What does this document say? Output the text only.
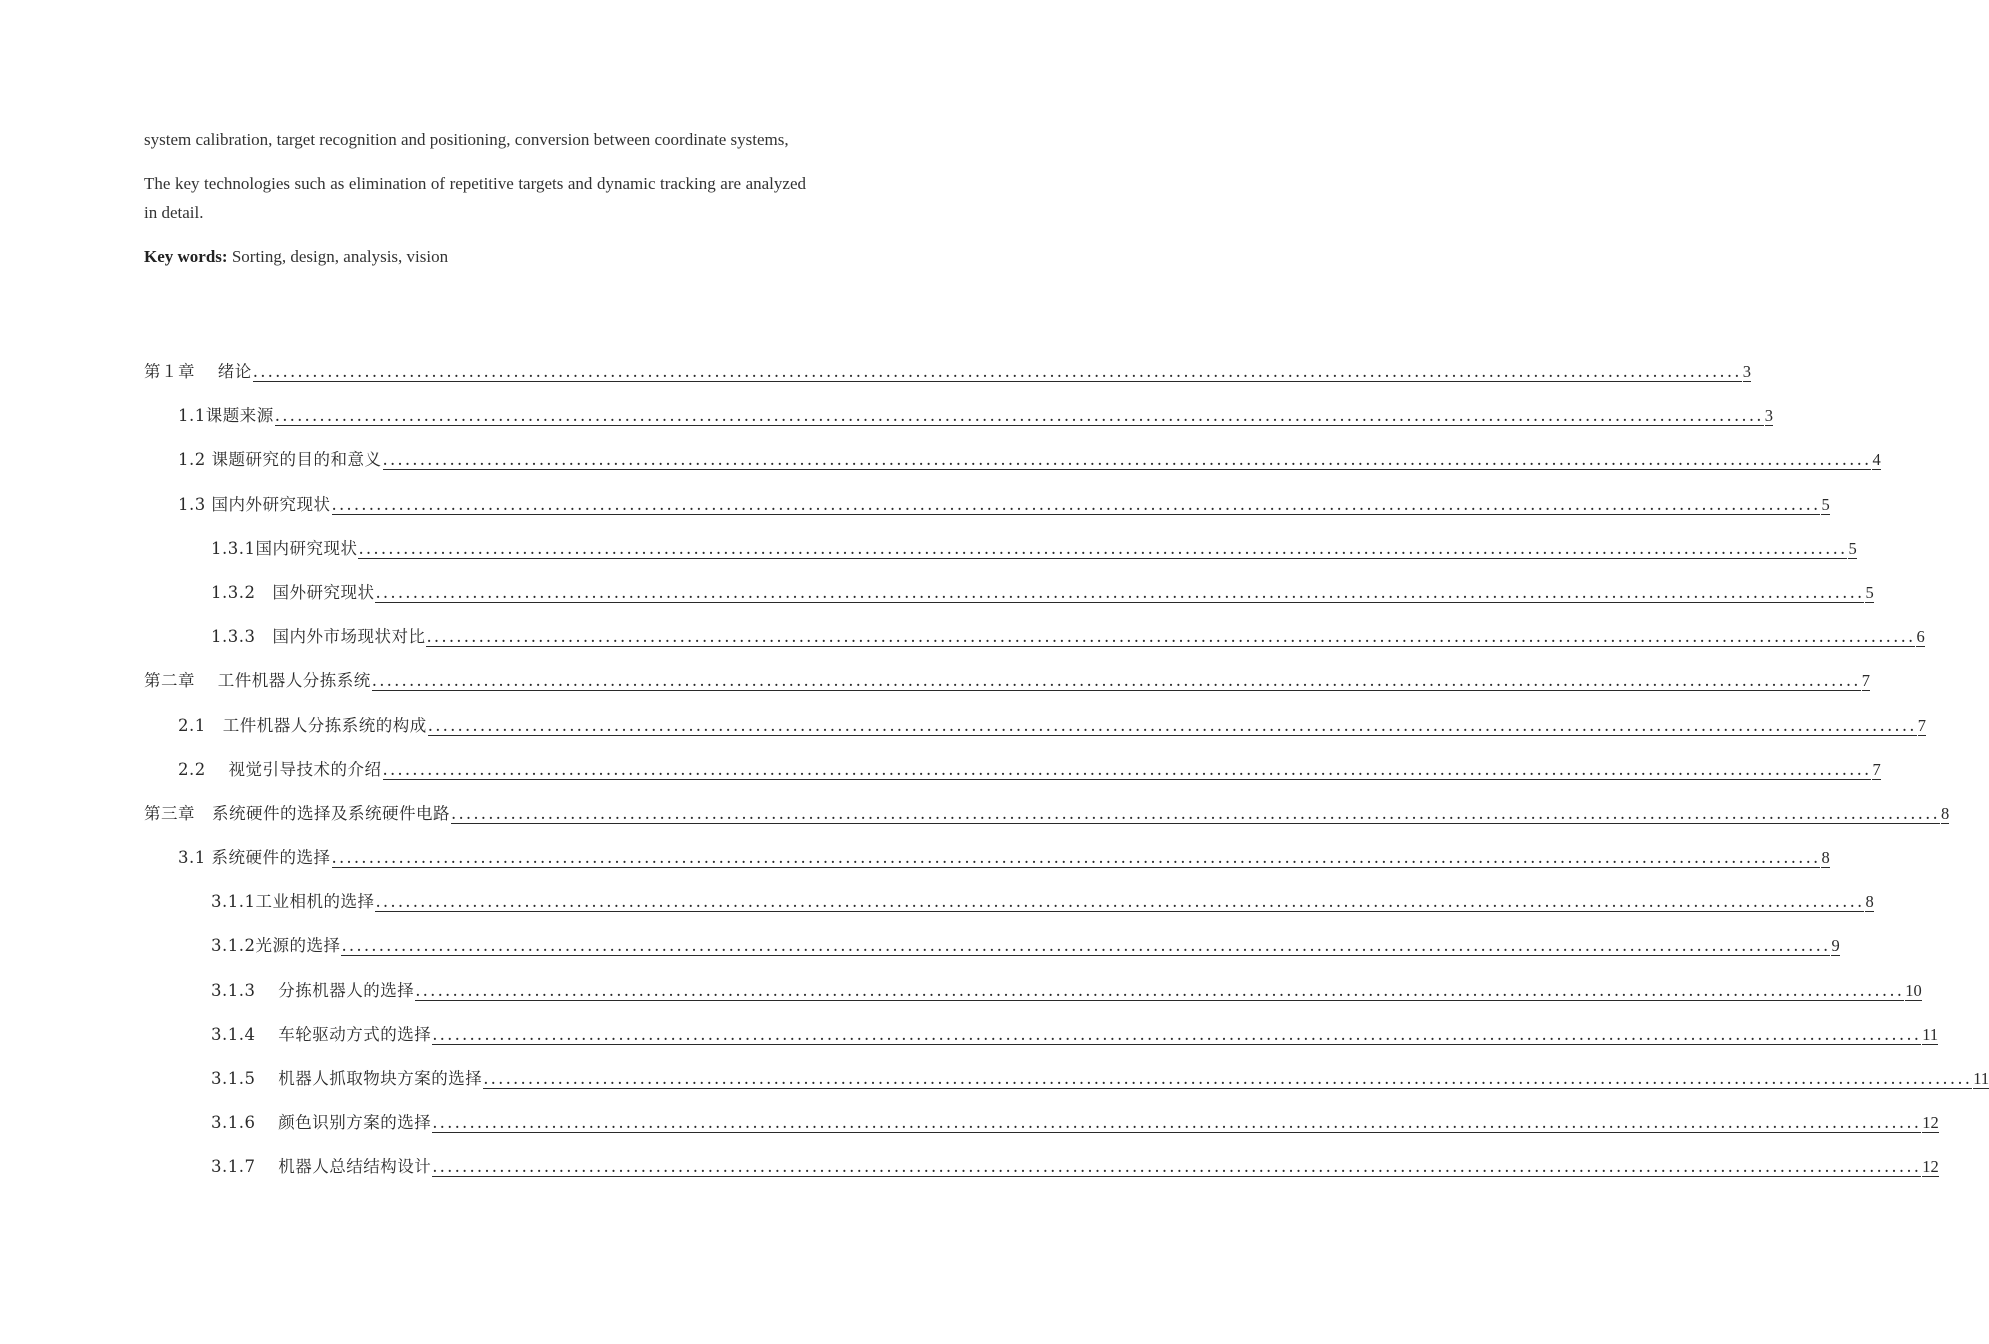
system calibration, target recognition and positioning, conversion between coordinate systems,

The key technologies such as elimination of repetitive targets and dynamic tracking are analyzed in detail.

Key words: Sorting, design, analysis, vision

第１章　 绪论 ........................................................................................................................................................................................................ 3
1.1课题来源 ........................................................................................................................................................................................................ 3
1.2 课题研究的目的和意义 ........................................................................................................................................................................................................ 4
1.3 国内外研究现状 ........................................................................................................................................................................................................ 5
1.3.1国内研究现状 ........................................................................................................................................................................................................ 5
1.3.2　国外研究现状 ........................................................................................................................................................................................................ 5
1.3.3　国内外市场现状对比 ........................................................................................................................................................................................................ 6
第二章　 工件机器人分拣系统 ........................................................................................................................................................................................................ 7
2.1　工件机器人分拣系统的构成 ........................................................................................................................................................................................................ 7
2.2　 视觉引导技术的介绍 ........................................................................................................................................................................................................ 7
第三章　系统硬件的选择及系统硬件电路 ........................................................................................................................................................................................................ 8
3.1 系统硬件的选择 ........................................................................................................................................................................................................ 8
3.1.1工业相机的选择 ........................................................................................................................................................................................................ 8
3.1.2光源的选择 ........................................................................................................................................................................................................ 9
3.1.3　 分拣机器人的选择 ........................................................................................................................................................................................................ 10
3.1.4　 车轮驱动方式的选择 ........................................................................................................................................................................................................ 11
3.1.5　 机器人抓取物块方案的选择 ........................................................................................................................................................................................................ 11
3.1.6　 颜色识别方案的选择 ........................................................................................................................................................................................................ 12
3.1.7　 机器人总结结构设计 ........................................................................................................................................................................................................ 12
